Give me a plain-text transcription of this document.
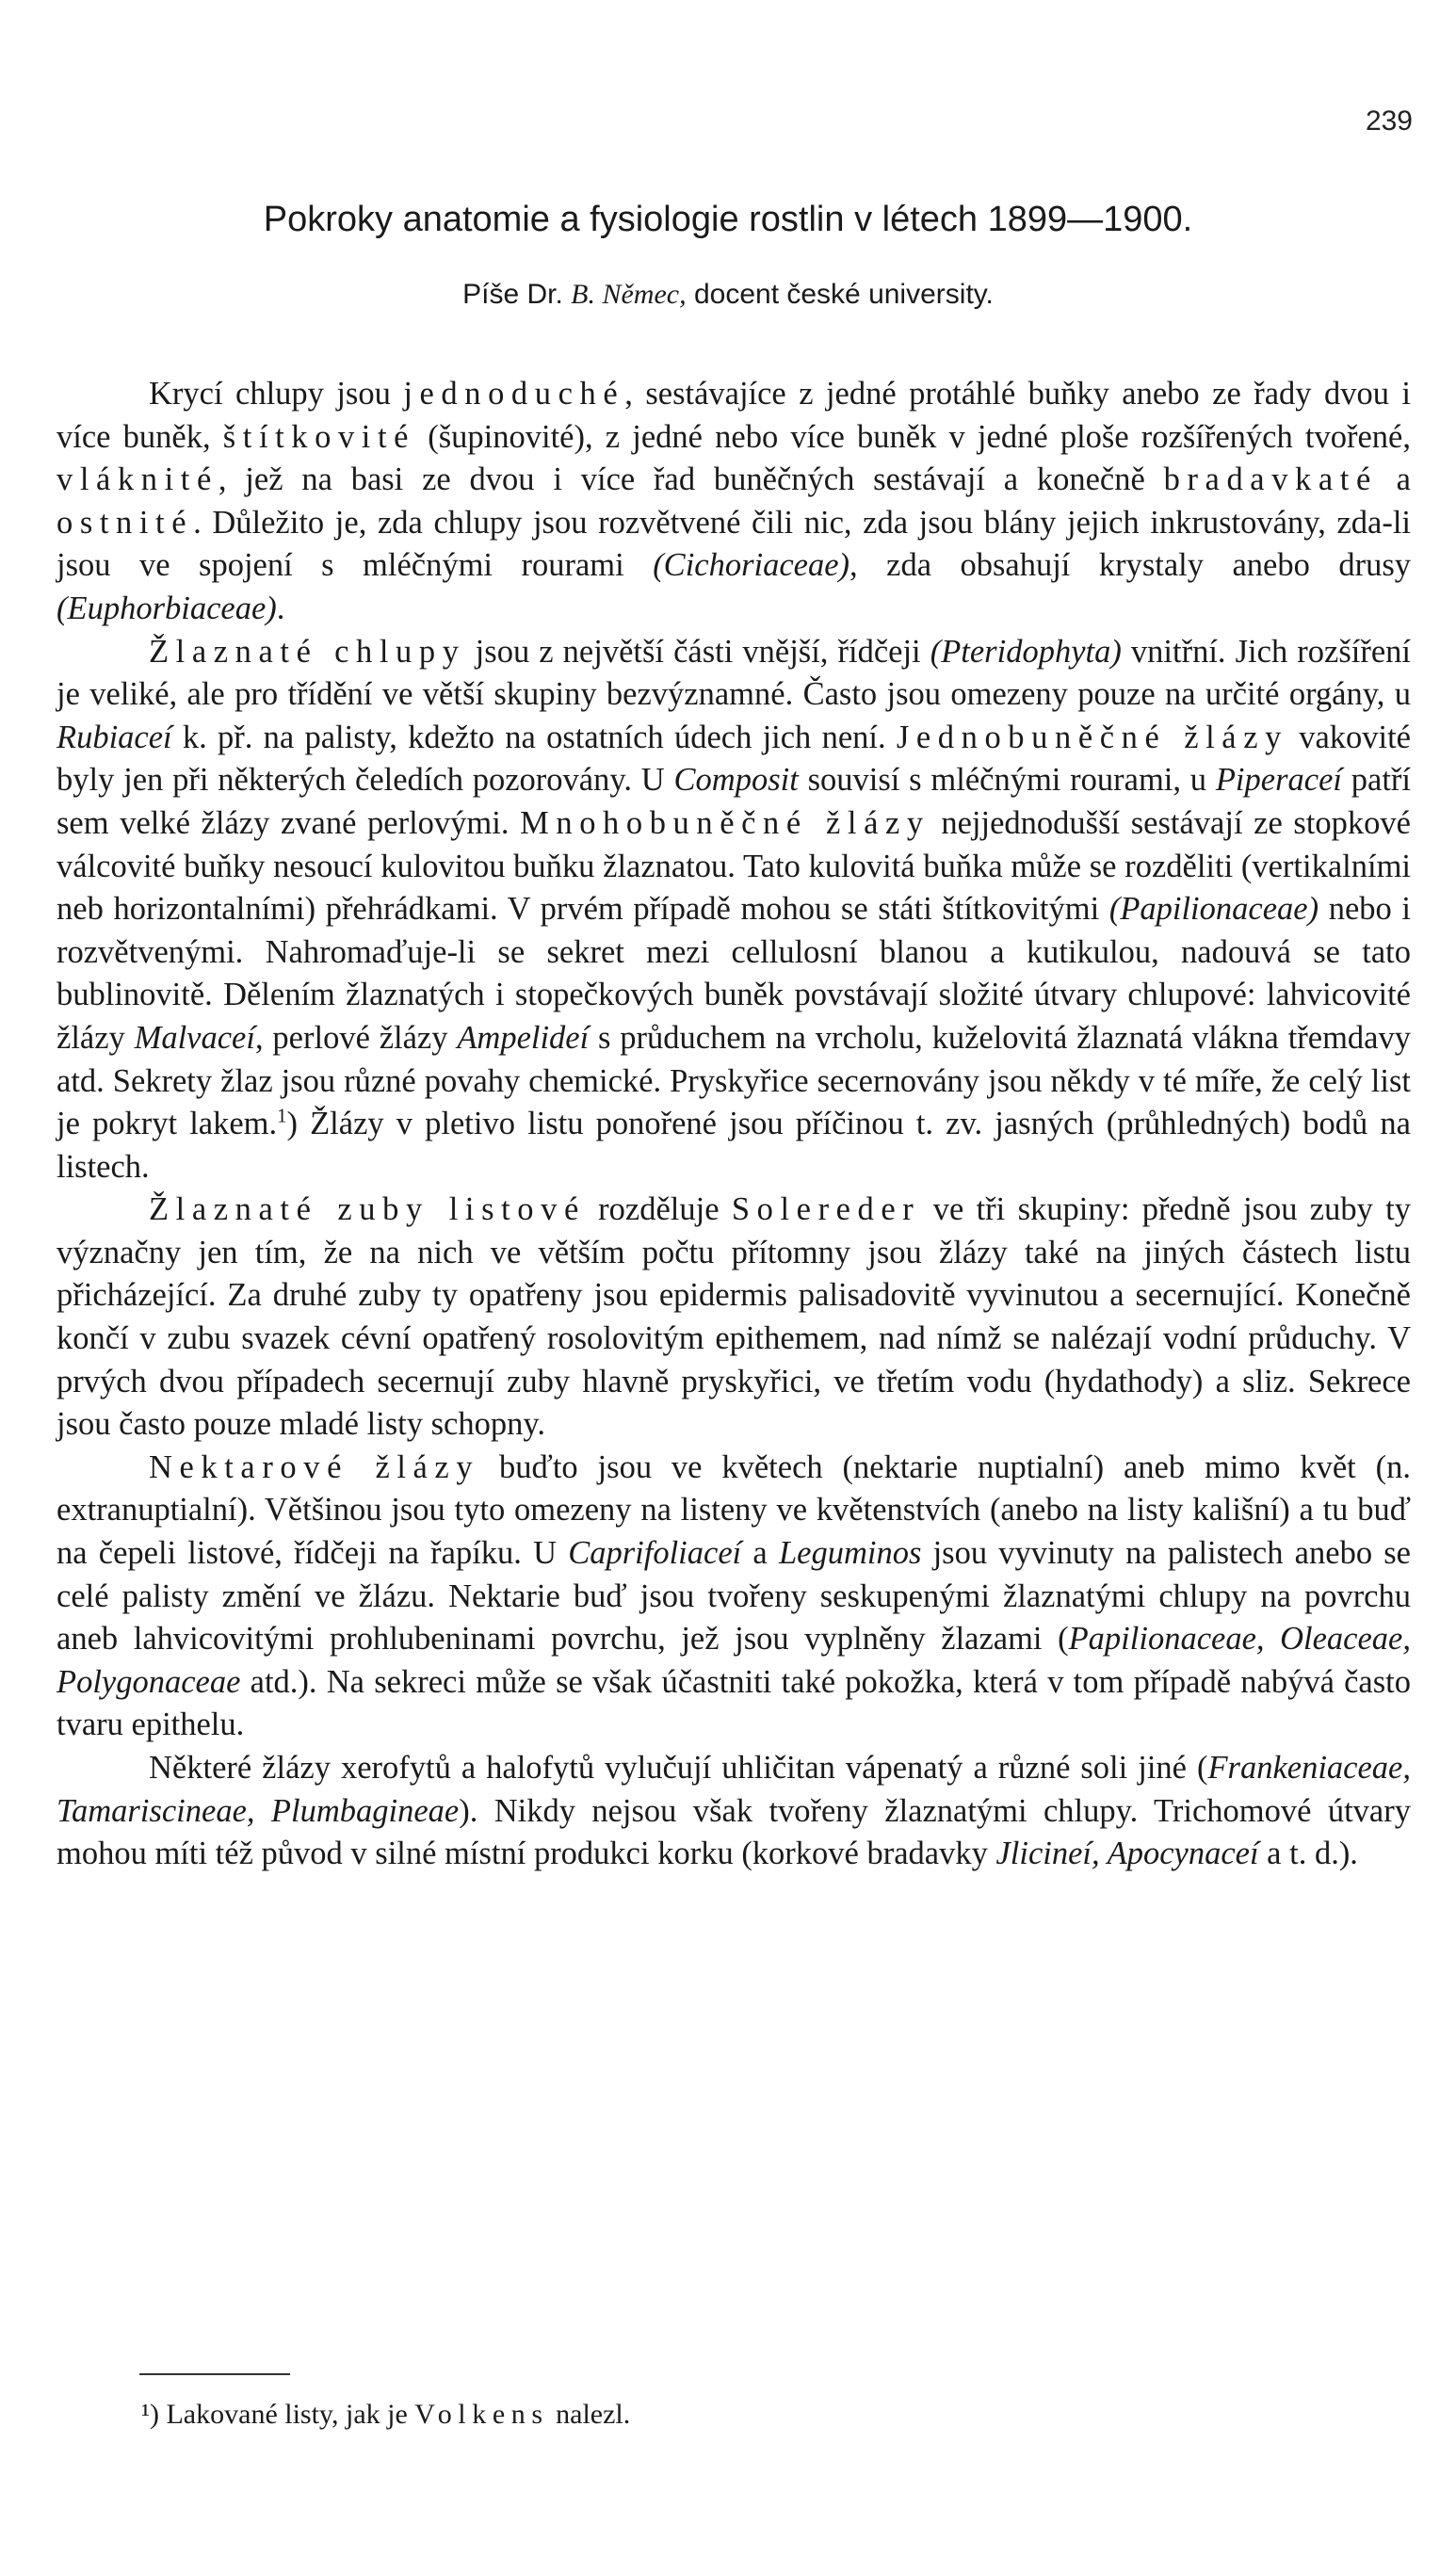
239
Pokroky anatomie a fysiologie rostlin v létech 1899—1900.
Píše Dr. B. Němec, docent české university.

Krycí chlupy jsou jednoduché, sestávajíce z jedné protáhlé buňky anebo ze řady dvou i více buněk, štítkovité (šupinovité), z jedné nebo více buněk v jedné ploše rozšířených tvořené, vláknité, jež na basi ze dvou i více řad buněčných sestávají a konečně bradavkaté a ostnité. Důležito je, zda chlupy jsou rozvětvené čili nic, zda jsou blány jejich inkrustovány, zda-li jsou ve spojení s mléčnými rourami (Cichoriaceae), zda obsahují krystaly anebo drusy (Euphorbiaceae).

Žlaznaté chlupy jsou z největší části vnější, řídčeji (Pteridophyta) vnitřní. Jich rozšíření je veliké, ale pro třídění ve větší skupiny bezvýznamné. Často jsou omezeny pouze na určité orgány, u Rubiaceí k. př. na palisty, kdežto na ostatních údech jich není. Jednobuněčné žlázy vakovité byly jen při některých čeledích pozorovány. U Composit souvisí s mléčnými rourami, u Piperaceí patří sem velké žlázy zvané perlovými. Mnohobuněčné žlázy nejjednodušší sestávají ze stopkové válcovité buňky nesoucí kulovitou buňku žlaznatou. Tato kulovitá buňka může se rozděliti (vertikalními neb horizontalními) přehrádkami. V prvém případě mohou se státi štítkovitými (Papilionaceae) nebo i rozvětvenými. Nahromaďuje-li se sekret mezi cellulosní blanou a kutikulou, nadouvá se tato bublinovitě. Dělením žlaznatých i stopečkových buněk povstávají složité útvary chlupové: lahvicovité žlázy Malvaceí, perlové žlázy Ampelideí s průduchem na vrcholu, kuželovitá žlaznatá vlákna třemdavy atd. Sekrety žlaz jsou různé povahy chemické. Pryskyřice secernovány jsou někdy v té míře, že celý list je pokryt lakem.$^1$) Žlázy v pletivo listu ponořené jsou příčinou t. zv. jasných (průhledných) bodů na listech.

Žlaznaté zuby listové rozděluje Solereder ve tři skupiny: předně jsou zuby ty význačny jen tím, že na nich ve větším počtu přítomny jsou žlázy také na jiných částech listu přicházející. Za druhé zuby ty opatřeny jsou epidermis palisadovitě vyvinutou a secernující. Konečně končí v zubu svazek cévní opatřený rosolovitým epithemem, nad nímž se nalézají vodní průduchy. V prvých dvou případech secernují zuby hlavně pryskyřici, ve třetím vodu (hydathody) a sliz. Sekrece jsou často pouze mladé listy schopny.

Nektarové žlázy buďto jsou ve květech (nektarie nuptialní) aneb mimo květ (n. extranuptialní). Většinou jsou tyto omezeny na listeny ve květenstvích (anebo na listy kališní) a tu buď na čepeli listové, řídčeji na řapíku. U Caprifoliaceí a Leguminos jsou vyvinuty na palistech anebo se celé palisty změní ve žlázu. Nektarie buď jsou tvořeny seskupenými žlaznatými chlupy na povrchu aneb lahvicovitými prohlubeninami povrchu, jež jsou vyplněny žlazami (Papilionaceae, Oleaceae, Polygonaceae atd.). Na sekreci může se však účastniti také pokožka, která v tom případě nabývá často tvaru epithelu.

Některé žlázy xerofytů a halofytů vylučují uhličitan vápenatý a různé soli jiné (Frankeniaceae, Tamariscineae, Plumbagineae). Nikdy nejsou však tvořeny žlaznatými chlupy. Trichomové útvary mohou míti též původ v silné místní produkci korku (korkové bradavky Jlicineí, Apocynaceí a t. d.).

¹) Lakované listy, jak je Volkens nalezl.
